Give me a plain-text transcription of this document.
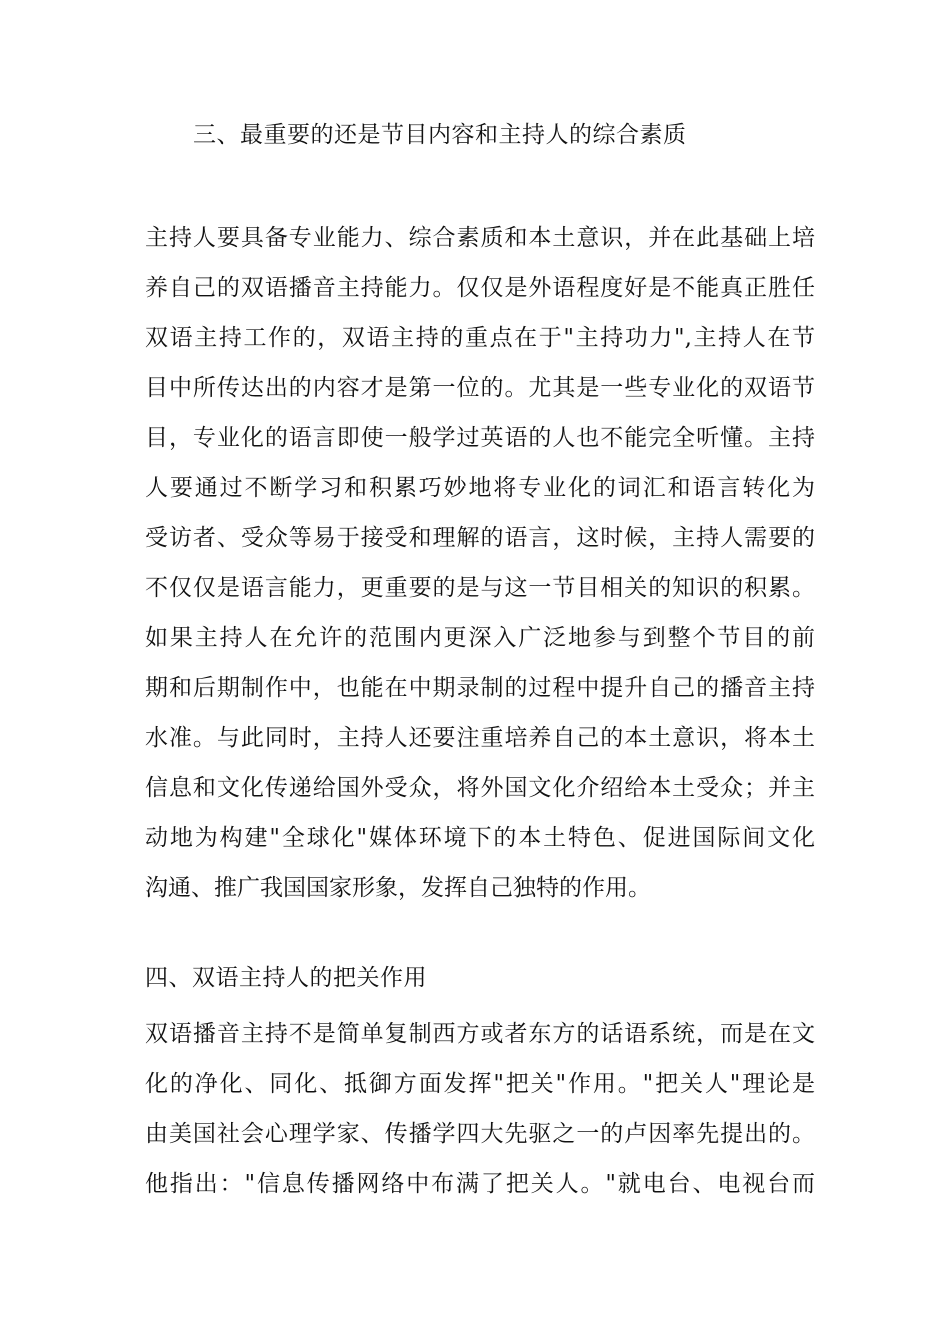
三、最重要的还是节目内容和主持人的综合素质
主持人要具备专业能力、综合素质和本土意识，并在此基础上培
养自己的双语播音主持能力。仅仅是外语程度好是不能真正胜任
双语主持工作的，双语主持的重点在于"主持功力",主持人在节
目中所传达出的内容才是第一位的。尤其是一些专业化的双语节
目，专业化的语言即使一般学过英语的人也不能完全听懂。主持
人要通过不断学习和积累巧妙地将专业化的词汇和语言转化为
受访者、受众等易于接受和理解的语言，这时候，主持人需要的
不仅仅是语言能力，更重要的是与这一节目相关的知识的积累。
如果主持人在允许的范围内更深入广泛地参与到整个节目的前
期和后期制作中，也能在中期录制的过程中提升自己的播音主持
水准。与此同时，主持人还要注重培养自己的本土意识，将本土
信息和文化传递给国外受众，将外国文化介绍给本土受众；并主
动地为构建"全球化"媒体环境下的本土特色、促进国际间文化
沟通、推广我国国家形象，发挥自己独特的作用。
四、双语主持人的把关作用
双语播音主持不是简单复制西方或者东方的话语系统，而是在文
化的净化、同化、抵御方面发挥"把关"作用。"把关人"理论是
由美国社会心理学家、传播学四大先驱之一的卢因率先提出的。
他指出："信息传播网络中布满了把关人。"就电台、电视台而
